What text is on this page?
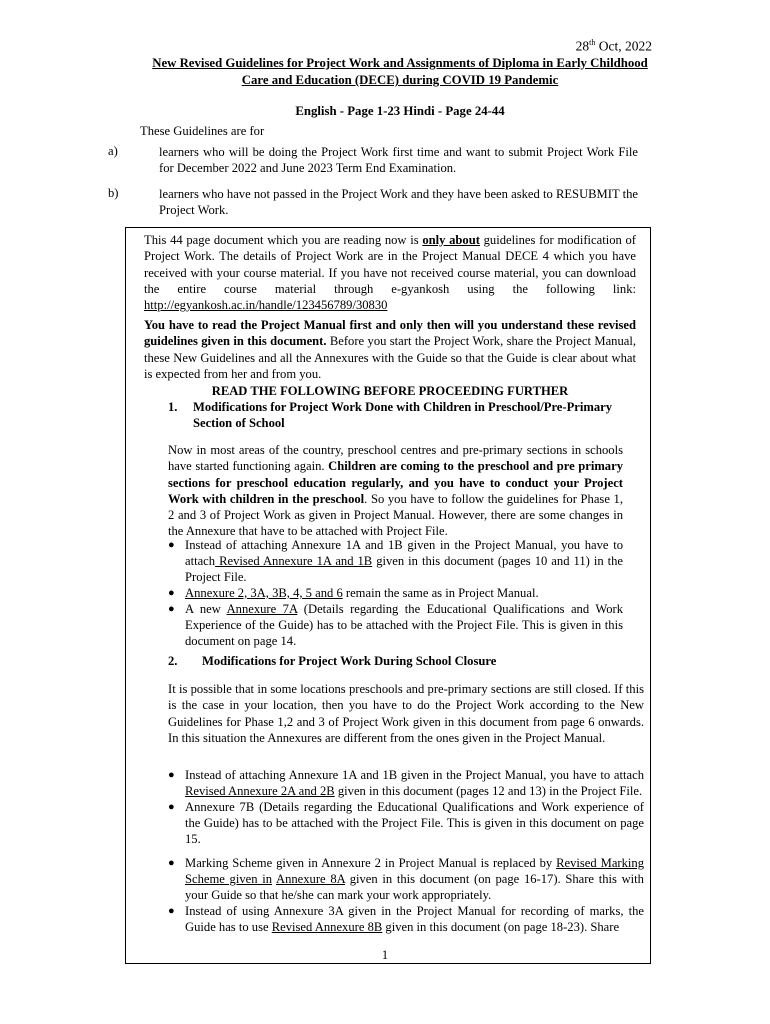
28th Oct, 2022
New Revised Guidelines for Project Work and Assignments of Diploma in Early Childhood
Care and Education (DECE) during COVID 19 Pandemic
English - Page 1-23 Hindi - Page 24-44
These Guidelines are for
a)	learners who will be doing the Project Work first time and want to submit Project Work File for December 2022 and June 2023 Term End Examination.
b)	learners who have not passed in the Project Work and they have been asked to RESUBMIT the Project Work.
This 44 page document which you are reading now is only about guidelines for modification of Project Work. The details of Project Work are in the Project Manual DECE 4 which you have received with your course material. If you have not received course material, you can download the entire course material through e-gyankosh using the following link: http://egyankosh.ac.in/handle/123456789/30830
You have to read the Project Manual first and only then will you understand these revised guidelines given in this document. Before you start the Project Work, share the Project Manual, these New Guidelines and all the Annexures with the Guide so that the Guide is clear about what is expected from her and from you.
READ THE FOLLOWING BEFORE PROCEEDING FURTHER
1. Modifications for Project Work Done with Children in Preschool/Pre-Primary Section of School
Now in most areas of the country, preschool centres and pre-primary sections in schools have started functioning again. Children are coming to the preschool and pre primary sections for preschool education regularly, and you have to conduct your Project Work with children in the preschool. So you have to follow the guidelines for Phase 1, 2 and 3 of Project Work as given in Project Manual. However, there are some changes in the Annexure that have to be attached with Project File.
● Instead of attaching Annexure 1A and 1B given in the Project Manual, you have to attach Revised Annexure 1A and 1B given in this document (pages 10 and 11) in the Project File.
● Annexure 2, 3A, 3B, 4, 5 and 6 remain the same as in Project Manual.
● A new Annexure 7A (Details regarding the Educational Qualifications and Work Experience of the Guide) has to be attached with the Project File. This is given in this document on page 14.
2. Modifications for Project Work During School Closure
It is possible that in some locations preschools and pre-primary sections are still closed. If this is the case in your location, then you have to do the Project Work according to the New Guidelines for Phase 1,2 and 3 of Project Work given in this document from page 6 onwards. In this situation the Annexures are different from the ones given in the Project Manual.
● Instead of attaching Annexure 1A and 1B given in the Project Manual, you have to attach Revised Annexure 2A and 2B given in this document (pages 12 and 13) in the Project File.
● Annexure 7B (Details regarding the Educational Qualifications and Work experience of the Guide) has to be attached with the Project File. This is given in this document on page 15.
● Marking Scheme given in Annexure 2 in Project Manual is replaced by Revised Marking Scheme given in Annexure 8A given in this document (on page 16-17). Share this with your Guide so that he/she can mark your work appropriately.
● Instead of using Annexure 3A given in the Project Manual for recording of marks, the Guide has to use Revised Annexure 8B given in this document (on page 18-23). Share
1
